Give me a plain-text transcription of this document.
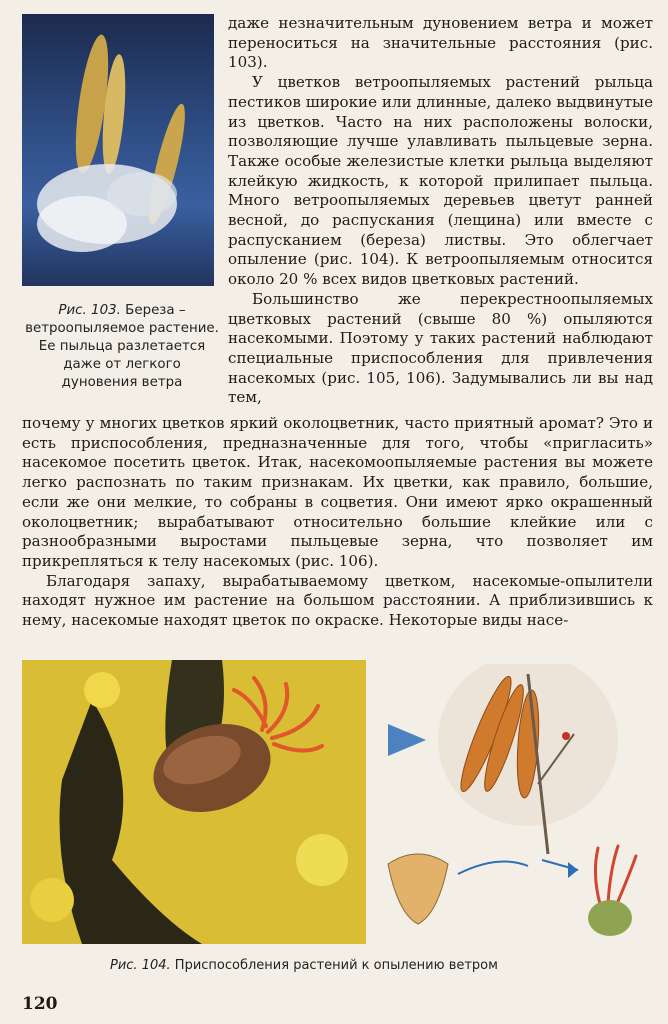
Рис. 103. Береза – ветроопыляемое растение. Ее пыльца разлетается даже от легкого дуновения ветра

даже незначительным дуновением ветра и может переноситься на значительные расстояния (рис. 103).

У цветков ветроопыляемых растений рыльца пестиков широкие или длинные, далеко выдвинутые из цветков. Часто на них расположены волоски, позволяющие лучше улавливать пыльцевые зерна. Также особые железистые клетки рыльца выделяют клейкую жидкость, к которой прилипает пыльца. Много ветроопыляемых деревьев цветут ранней весной, до распускания (лещина) или вместе с распусканием (береза) листвы. Это облегчает опыление (рис. 104). К ветроопыляемым относится около 20 % всех видов цветковых растений.

Большинство же перекрестноопыляемых цветковых растений (свыше 80 %) опыляются насекомыми. Поэтому у таких растений наблюдают специальные приспособления для привлечения насекомых (рис. 105, 106). Задумывались ли вы над тем,

почему у многих цветков яркий околоцветник, часто приятный аромат? Это и есть приспособления, предназначенные для того, чтобы «пригласить» насекомое посетить цветок. Итак, насекомоопыляемые растения вы можете легко распознать по таким признакам. Их цветки, как правило, большие, если же они мелкие, то собраны в соцветия. Они имеют ярко окрашенный околоцветник; вырабатывают относительно большие клейкие или с разнообразными выростами пыльцевые зерна, что позволяет им прикрепляться к телу насекомых (рис. 106).

Благодаря запаху, вырабатываемому цветком, насекомые-опылители находят нужное им растение на большом расстоянии. А приблизившись к нему, насекомые находят цветок по окраске. Некоторые виды насе-

Рис. 104. Приспособления растений к опылению ветром
120
